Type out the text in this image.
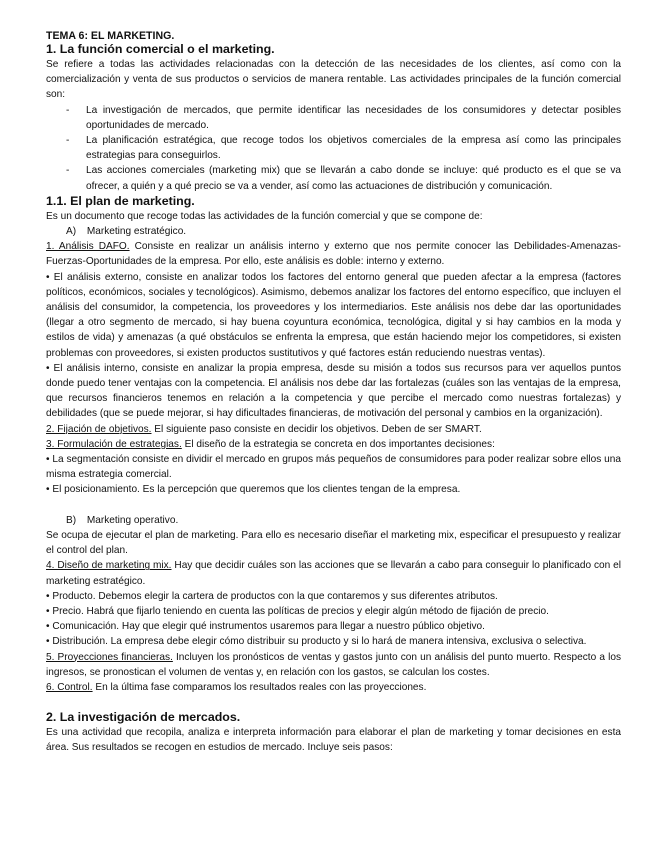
TEMA 6: EL MARKETING.
1. La función comercial o el marketing.

Se refiere a todas las actividades relacionadas con la detección de las necesidades de los clientes, así como con la comercialización y venta de sus productos o servicios de manera rentable. Las actividades principales de la función comercial son:

- La investigación de mercados, que permite identificar las necesidades de los consumidores y detectar posibles oportunidades de mercado.
- La planificación estratégica, que recoge todos los objetivos comerciales de la empresa así como las principales estrategias para conseguirlos.
- Las acciones comerciales (marketing mix) que se llevarán a cabo donde se incluye: qué producto es el que se va ofrecer, a quién y a qué precio se va a vender, así como las actuaciones de distribución y comunicación.
1.1. El plan de marketing.

Es un documento que recoge todas las actividades de la función comercial y que se compone de:

A) Marketing estratégico.

1. Análisis DAFO. Consiste en realizar un análisis interno y externo que nos permite conocer las Debilidades-Amenazas-Fuerzas-Oportunidades de la empresa. Por ello, este análisis es doble: interno y externo.

• El análisis externo, consiste en analizar todos los factores del entorno general que pueden afectar a la empresa (factores políticos, económicos, sociales y tecnológicos). Asimismo, debemos analizar los factores del entorno específico, que incluyen el análisis del consumidor, la competencia, los proveedores y los intermediarios. Este análisis nos debe dar las oportunidades (llegar a otro segmento de mercado, si hay buena coyuntura económica, tecnológica, digital y si hay cambios en la moda y estilos de vida) y amenazas (a qué obstáculos se enfrenta la empresa, que están haciendo mejor los competidores, si existen problemas con proveedores, si existen productos sustitutivos y qué factores están reduciendo nuestras ventas).

• El análisis interno, consiste en analizar la propia empresa, desde su misión a todos sus recursos para ver aquellos puntos donde puedo tener ventajas con la competencia. El análisis nos debe dar las fortalezas (cuáles son las ventajas de la empresa, que recursos financieros tenemos en relación a la competencia y que percibe el mercado como nuestras fortalezas) y debilidades (que se puede mejorar, si hay dificultades financieras, de motivación del personal y cambios en la organización).

2. Fijación de objetivos. El siguiente paso consiste en decidir los objetivos. Deben de ser SMART.

3. Formulación de estrategias. El diseño de la estrategia se concreta en dos importantes decisiones:

• La segmentación consiste en dividir el mercado en grupos más pequeños de consumidores para poder realizar sobre ellos una misma estrategia comercial.

• El posicionamiento. Es la percepción que queremos que los clientes tengan de la empresa.

B) Marketing operativo.

Se ocupa de ejecutar el plan de marketing. Para ello es necesario diseñar el marketing mix, especificar el presupuesto y realizar el control del plan.

4. Diseño de marketing mix. Hay que decidir cuáles son las acciones que se llevarán a cabo para conseguir lo planificado con el marketing estratégico.

• Producto. Debemos elegir la cartera de productos con la que contaremos y sus diferentes atributos.

• Precio. Habrá que fijarlo teniendo en cuenta las políticas de precios y elegir algún método de fijación de precio.

• Comunicación. Hay que elegir qué instrumentos usaremos para llegar a nuestro público objetivo.

• Distribución. La empresa debe elegir cómo distribuir su producto y si lo hará de manera intensiva, exclusiva o selectiva.

5. Proyecciones financieras. Incluyen los pronósticos de ventas y gastos junto con un análisis del punto muerto. Respecto a los ingresos, se pronostican el volumen de ventas y, en relación con los gastos, se calculan los costes.

6. Control. En la última fase comparamos los resultados reales con las proyecciones.

2. La investigación de mercados.

Es una actividad que recopila, analiza e interpreta información para elaborar el plan de marketing y tomar decisiones en esta área. Sus resultados se recogen en estudios de mercado. Incluye seis pasos:
